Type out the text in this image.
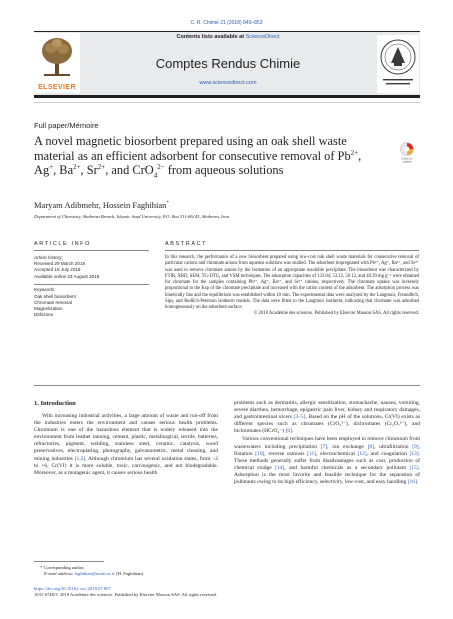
C. R. Chimie 21 (2018) 840–853
ELSEVIER
Contents lists available at ScienceDirect
Comptes Rendus Chimie
www.sciencedirect.com
Full paper/Mémoire
A novel magnetic biosorbent prepared using an oak shell waste material as an efficient adsorbent for consecutive removal of $Pb^{2+}$, Ag+, $Ba^{2+}$, $Sr^{2+}$, and CrO$_4^{2-}$ from aqueous solutions
Check for
updates
Maryam Adibmehr, Hossein Faghihian*
Department of Chemistry, Shahreza Branch, Islamic Azad University, P.O. Box 311-86145, Shahreza, Iran
ARTICLE INFO	ABSTRACT
Article history:
Received 29 March 2018
Accepted 16 July 2018
Available online 23 August 2018
Keywords:
Oak shell biosorbent
Chromate removal
Magnetization
Dithizone

In this research, the performance of a new biosorbent prepared using low-cost oak shell waste materials for consecutive removal of particular cations and chromate anions from aqueous solutions was studied. The adsorbent impregnated with Pb²⁺, Ag⁺, Ba²⁺, and Sr²⁺ was used to remove chromate anions by the formation of an appropriate insoluble precipitate. The biosorbent was characterized by FTIR, XRD, SEM, TG-DTG, and VSM techniques. The adsorption capacities of 133.84, 53.12, 50.12, and 40.39 mg g⁻¹ were obtained for chromate for the samples containing Pb²⁺, Ag⁺, Ba²⁺, and Sr²⁺ cations, respectively. The chromate uptake was inversely proportional to the Ksp of the chromate precipitate and increased with the cation content of the adsorbent. The adsorption process was kinetically fast and the equilibrium was established within 10 min. The experimental data were analyzed by the Langmuir, Freundlich, Sips, and Redlich-Peterson isotherm models. The data were fitted to the Langmuir isotherm, indicating that chromate was adsorbed homogeneously on the adsorbent surface.

© 2018 Académie des sciences. Published by Elsevier Masson SAS. All rights reserved.

1. Introduction

With increasing industrial activities, a large amount of waste and run-off from the industries enters the environment and causes serious health problems. Chromium is one of the hazardous element that is widely released into the environment from leather tanning, cement, plastic, metallurgical, textile, batteries, refractories, pigment, welding, stainless steel, ceramic, catalysis, wood preservatives, electroplating, photography, galvanometric, metal cleaning, and mining industries [1,2]. Although chromium has several oxidation states, from −2 to +6, Cr(VI) it is more soluble, toxic, carcinogenic, and not biodegradable. Moreover, as a mutagenic agent, it causes serious health

problems such as dermatitis, allergic sensitization, stomachache, nausea, vomiting, severe diarrhea, hemorrhage, epigastric pain liver, kidney and respiratory damages, and gastrointestinal ulcers [3–5]. Based on the pH of the solutions, Cr(VI) exists as different species such as chromates (CrO₄²⁻), dichromates (Cr₂O₇²⁻), and bichromates (HCrO₄⁻) [6].

Various conventional techniques have been employed to remove chromium from wastewaters including precipitation [7], ion exchange [8], ultrafiltration [9], flotation [10], reverse osmosis [11], electrochemical [12], and coagulation [13]. These methods generally suffer from disadvantages such as cost, production of chemical sludge [14], and harmful chemicals as a secondary pollutant [15]. Adsorption is the most favorite and feasible technique for the separation of pollutants owing to its high efficiency, selectivity, low-cost, and easy handling [16].

* Corresponding author.
E-mail address: faghihian@iaush.ac.ir (H. Faghihian).
https://doi.org/10.1016/j.crci.2018.07.007
1631-0748/© 2018 Académie des sciences. Published by Elsevier Masson SAS. All rights reserved.
